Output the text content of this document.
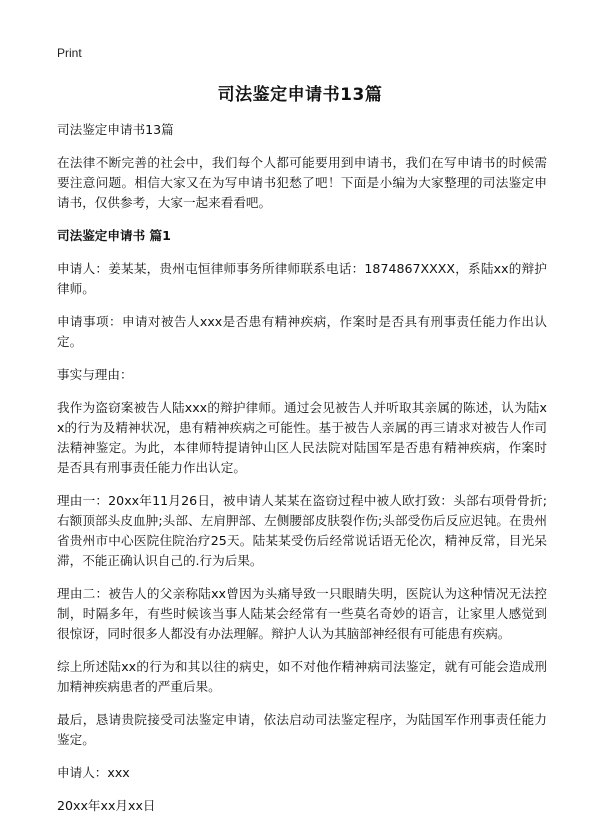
Print
司法鉴定申请书13篇

司法鉴定申请书13篇

在法律不断完善的社会中，我们每个人都可能要用到申请书，我们在写申请书的时候需要注意问题。相信大家又在为写申请书犯愁了吧！下面是小编为大家整理的司法鉴定申请书，仅供参考，大家一起来看看吧。

司法鉴定申请书 篇1

申请人：姜某某，贵州屯恒律师事务所律师联系电话：1874867XXXX，系陆xx的辩护律师。

申请事项：申请对被告人xxx是否患有精神疾病，作案时是否具有刑事责任能力作出认定。

事实与理由：

我作为盗窃案被告人陆xxx的辩护律师。通过会见被告人并听取其亲属的陈述，认为陆xx的行为及精神状况，患有精神疾病之可能性。基于被告人亲属的再三请求对被告人作司法精神鉴定。为此，本律师特提请钟山区人民法院对陆国军是否患有精神疾病，作案时是否具有刑事责任能力作出认定。

理由一：20xx年11月26日，被申请人某某在盗窃过程中被人欧打致：头部右项骨骨折;右额顶部头皮血肿;头部、左肩胛部、左侧腰部皮肤裂作伤;头部受伤后反应迟钝。在贵州省贵州市中心医院住院治疗25天。陆某某受伤后经常说话语无伦次，精神反常，目光呆滞，不能正确认识自己的.行为后果。

理由二：被告人的父亲称陆xx曾因为头痛导致一只眼睛失明，医院认为这种情况无法控制，时隔多年，有些时候该当事人陆某会经常有一些莫名奇妙的语言，让家里人感觉到很惊讶，同时很多人都没有办法理解。辩护人认为其脑部神经很有可能患有疾病。

综上所述陆xx的行为和其以往的病史，如不对他作精神病司法鉴定，就有可能会造成刑加精神疾病患者的严重后果。

最后，恳请贵院接受司法鉴定申请，依法启动司法鉴定程序，为陆国军作刑事责任能力鉴定。

申请人：xxx

20xx年xx月xx日
